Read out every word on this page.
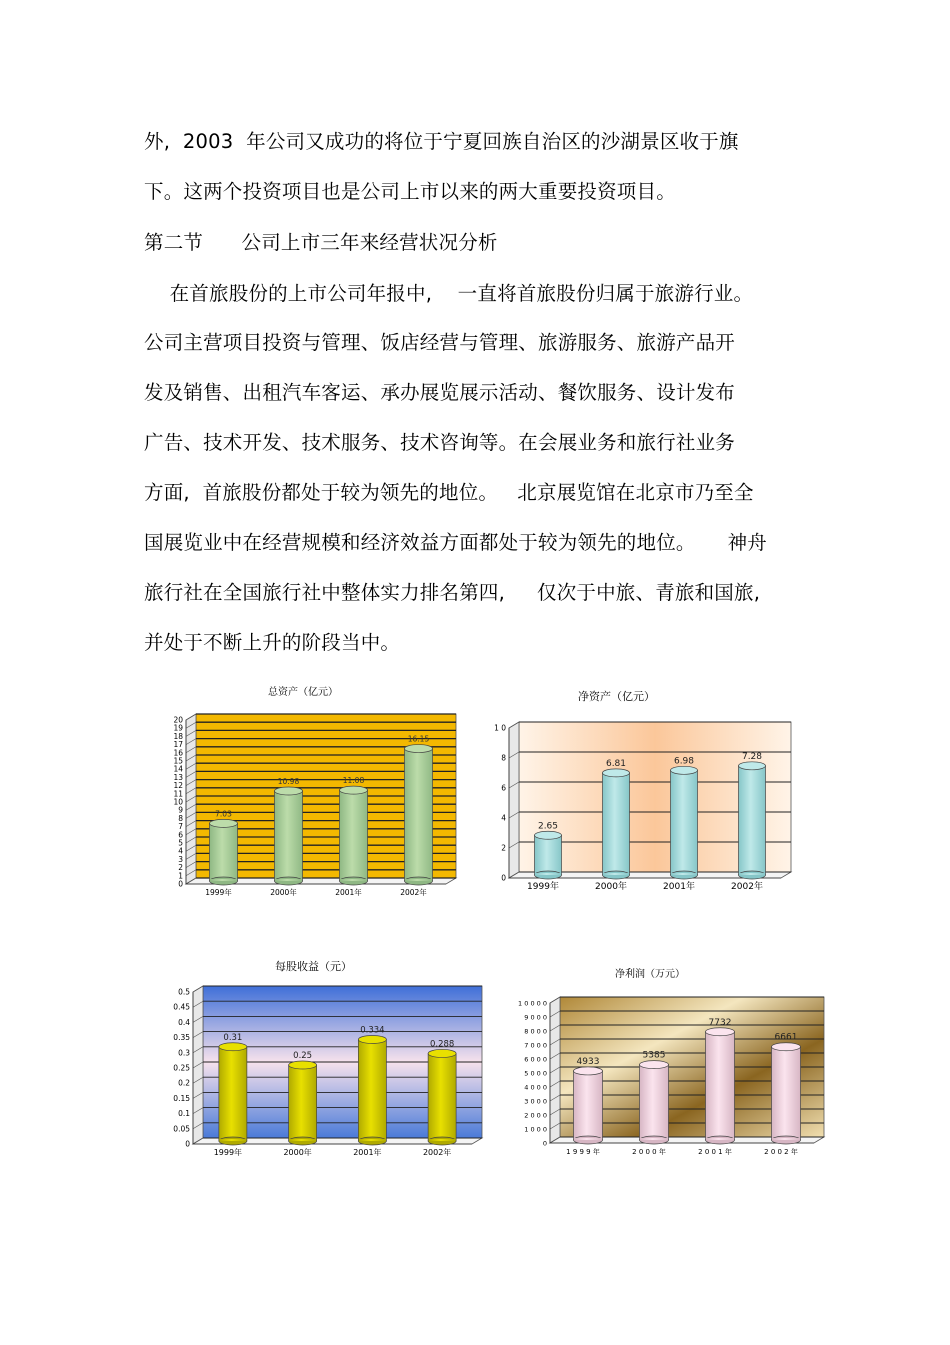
外,  2003  年公司又成功的将位于宁夏回族自治区的沙湖景区收于旗
下。这两个投资项目也是公司上市以来的两大重要投资项目。
第二节      公司上市三年来经营状况分析
在首旅股份的上市公司年报中,    一直将首旅股份归属于旅游行业。
公司主营项目投资与管理、饭店经营与管理、旅游服务、旅游产品开
发及销售、出租汽车客运、承办展览展示活动、餐饮服务、设计发布
广告、技术开发、技术服务、技术咨询等。在会展业务和旅行社业务
方面,  首旅股份都处于较为领先的地位。   北京展览馆在北京市乃至全
国展览业中在经营规模和经济效益方面都处于较为领先的地位。     神舟
旅行社在全国旅行社中整体实力排名第四,     仅次于中旅、青旅和国旅,
并处于不断上升的阶段当中。
总资产（亿元）	净资产（亿元）
每股收益（元）
净利润（万元）
0
1
2
3
4
5
6
7
8
9
10
11
12
13
14
15
16
17
18
19
20
7.03
1999年
10.98
2000年
11.08
2001年
16.15
2002年
0
2
4
6
8
1 0
2.65
1999年
6.81
2000年
6.98
2001年
7.28
2002年
0
0.05
0.1
0.15
0.2
0.25
0.3
0.35
0.4
0.45
0.5
0.31
1999年
0.25
2000年
0.334
2001年
0.288
2002年
0
1 0 0 0
2 0 0 0
3 0 0 0
4 0 0 0
5 0 0 0
6 0 0 0
7 0 0 0
8 0 0 0
9 0 0 0
1 0 0 0 0
4933
1 9 9 9 年
5385
2 0 0 0 年
7732
2 0 0 1 年
6661
2 0 0 2 年
